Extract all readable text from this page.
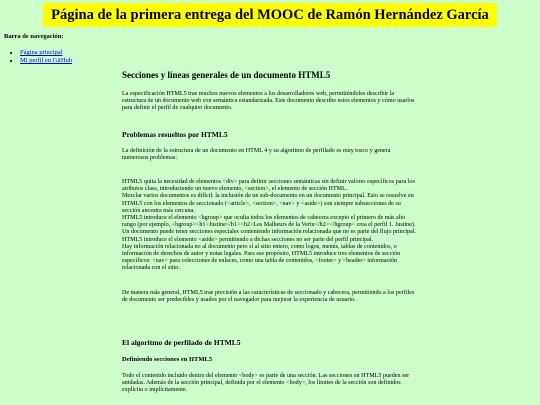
Página de la primera entrega del MOOC de Ramón Hernández García

Barra de navegación:

• Página principal
• Mi perfil en GitHub
Secciones y líneas generales de un documento HTML5

La especificación HTML5 trae muchos nuevos elementos a los desarrolladores web, permitiéndoles describir la estructura de un documento web con semántica estandarizada. Este documento describe estos elementos y cómo usarlos para definir el perfil de cualquier documento.

Problemas resueltos por HTML5

La definición de la estructura de un documento en HTML 4 y su algoritmo de perfilado es muy tosco y genera numerosos problemas:

HTML5 quita la necesidad de elementos <div> para definir secciones semánticas sin definir valores específicos para los atributos class, introduciendo un nuevo elemento, <section>, el elemento de sección HTML.
Mezclar varios documentos es difícil: la inclusión de un sub-documento en un documento principal. Esto se resuelve en HTML5 con los elementos de seccionado (<article>, <section>, <nav> y <aside>) son siempre subsecciones de su sección ancestra más cercana.
HTML5 introduce el elemento <hgroup> que oculta todos los elementos de cabecera excepto el primero de más alto rango (por ejemplo, <hgroup><h1>Justine</h1><h2>Les Malheurs de la Vertu</h2></hgroup> crea el perfil 1. Justine).
Un documento puede tener secciones especiales conteniendo información relacionada que no es parte del flujo principal. HTML5 introduce el elemento <aside> permitiendo a dichas secciones no ser parte del perfil principal.
Hay información relacionada no al documento pero sí al sitio entero, como logos, menús, tablas de contenidos, o información de derechos de autor y notas legales. Para ese propósito, HTML5 introduce tres elementos de sección específicos: <nav> para colecciones de enlaces, como una tabla de contenidos, <footer> y <header> información relacionada con el sitio.

De manera más general, HTML5 trae precisión a las características de seccionado y cabecera, permitiendo a los perfiles de documento ser predecibles y usados por el navegador para mejorar la experiencia de usuario.

El algoritmo de perfilado de HTML5
Definiendo secciones en HTML5

Todo el contenido incluido dentro del elemento <body> es parte de una sección. Las secciones en HTML5 pueden ser anidadas. Además de la sección principal, definida por el elemento <body>, los límites de la sección son definidos explícita o implícitamente.
